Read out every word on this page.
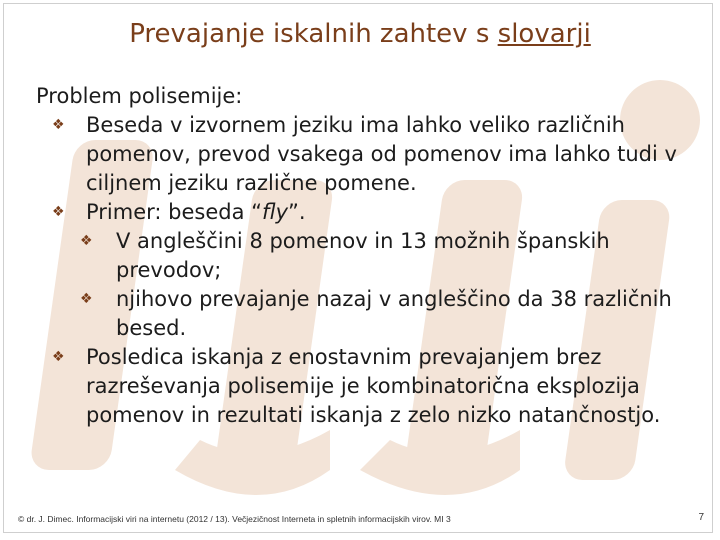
Prevajanje iskalnih zahtev s slovarji

Problem polisemije:

❖ Beseda v izvornem jeziku ima lahko veliko različnih pomenov, prevod vsakega od pomenov ima lahko tudi v ciljnem jeziku različne pomene.
❖ Primer: beseda “fly”.
❖ V angleščini 8 pomenov in 13 možnih španskih prevodov;
❖ njihovo prevajanje nazaj v angleščino da 38 različnih besed.
❖ Posledica iskanja z enostavnim prevajanjem brez razreševanja polisemije je kombinatorična eksplozija pomenov in rezultati iskanja z zelo nizko natančnostjo.
© dr. J. Dimec. Informacijski viri na internetu (2012 / 13). Večjezičnost Interneta in spletnih informacijskih virov. MI 3	7
